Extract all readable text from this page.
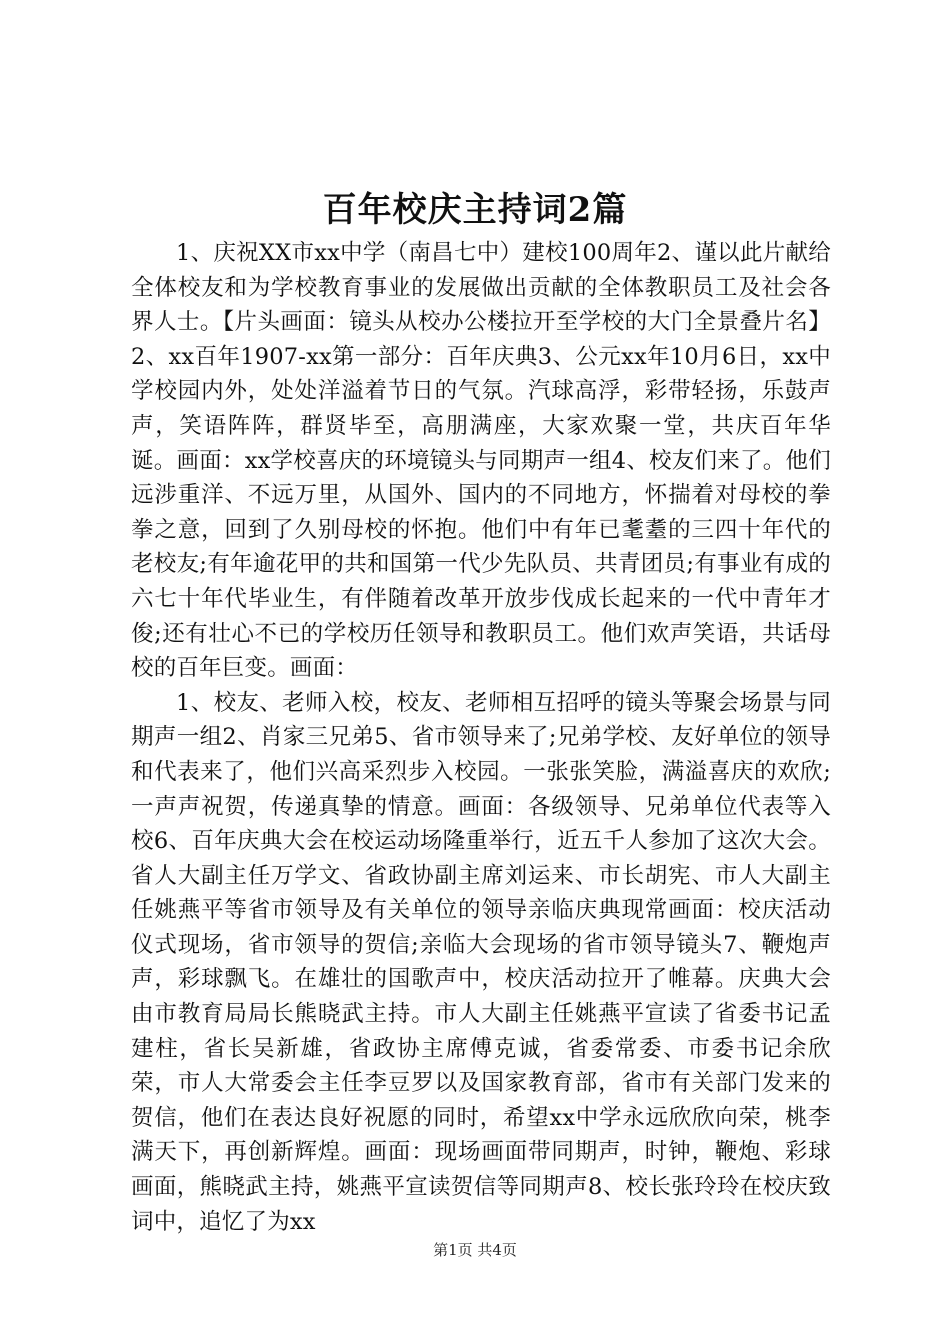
百年校庆主持词2篇

1、庆祝XX市xx中学（南昌七中）建校100周年2、谨以此片献给全体校友和为学校教育事业的发展做出贡献的全体教职员工及社会各界人士。【片头画面：镜头从校办公楼拉开至学校的大门全景叠片名】2、xx百年1907-xx第一部分：百年庆典3、公元xx年10月6日，xx中学校园内外，处处洋溢着节日的气氛。汽球高浮，彩带轻扬，乐鼓声声，笑语阵阵，群贤毕至，高朋满座，大家欢聚一堂，共庆百年华诞。画面：xx学校喜庆的环境镜头与同期声一组4、校友们来了。他们远涉重洋、不远万里，从国外、国内的不同地方，怀揣着对母校的拳拳之意，回到了久别母校的怀抱。他们中有年已耄耋的三四十年代的老校友;有年逾花甲的共和国第一代少先队员、共青团员;有事业有成的六七十年代毕业生，有伴随着改革开放步伐成长起来的一代中青年才俊;还有壮心不已的学校历任领导和教职员工。他们欢声笑语，共话母校的百年巨变。画面：

1、校友、老师入校，校友、老师相互招呼的镜头等聚会场景与同期声一组2、肖家三兄弟5、省市领导来了;兄弟学校、友好单位的领导和代表来了，他们兴高采烈步入校园。一张张笑脸，满溢喜庆的欢欣;一声声祝贺，传递真挚的情意。画面：各级领导、兄弟单位代表等入校6、百年庆典大会在校运动场隆重举行，近五千人参加了这次大会。省人大副主任万学文、省政协副主席刘运来、市长胡宪、市人大副主任姚燕平等省市领导及有关单位的领导亲临庆典现常画面：校庆活动仪式现场，省市领导的贺信;亲临大会现场的省市领导镜头7、鞭炮声声，彩球飘飞。在雄壮的国歌声中，校庆活动拉开了帷幕。庆典大会由市教育局局长熊晓武主持。市人大副主任姚燕平宣读了省委书记孟建柱，省长吴新雄，省政协主席傅克诚，省委常委、市委书记余欣荣，市人大常委会主任李豆罗以及国家教育部，省市有关部门发来的贺信，他们在表达良好祝愿的同时，希望xx中学永远欣欣向荣，桃李满天下，再创新辉煌。画面：现场画面带同期声，时钟，鞭炮、彩球画面，熊晓武主持，姚燕平宣读贺信等同期声8、校长张玲玲在校庆致词中，追忆了为xx

第1页 共4页
